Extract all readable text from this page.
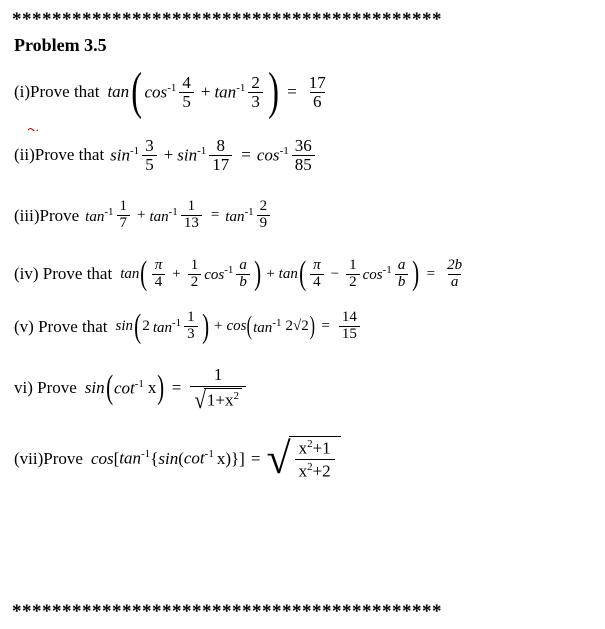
*******************************************
Problem 3.5
(i)Prove that tan ( $\cos^{-1} \frac{4}{5} + \tan^{-1} \frac{2}{3}$ ) = $\frac{17}{6}$
(ii)Prove that $\sin^{-1} \frac{3}{5} + \sin^{-1} \frac{8}{17} = \cos^{-1} \frac{36}{85}$
(iii)Prove $\tan^{-1} \frac{1}{7} + \tan^{-1} \frac{1}{13} = \tan^{-1} \frac{2}{9}$
(iv) Prove that tan ( $\frac{\pi}{4} + \frac{1}{2} \cos^{-1} \frac{a}{b}$ ) + tan ( $\frac{\pi}{4} - \frac{1}{2} \cos^{-1} \frac{a}{b}$ ) = $\frac{2b}{a}$
(v) Prove that sin ( 2 $\tan^{-1} \frac{1}{3}$ ) + cos ( $\tan^{-1} 2√2$ ) = $\frac{14}{15}$
vi) Prove sin ( $\cot^{-1} x$ ) = $\frac{1}{√ 1+x^2}$
(vii)Prove cos [ $\tan^{-1}$ { sin ( $\cot^{-1} x$ ) } ] = √ $\frac{x^2+1}{x^2+2}$
*******************************************
